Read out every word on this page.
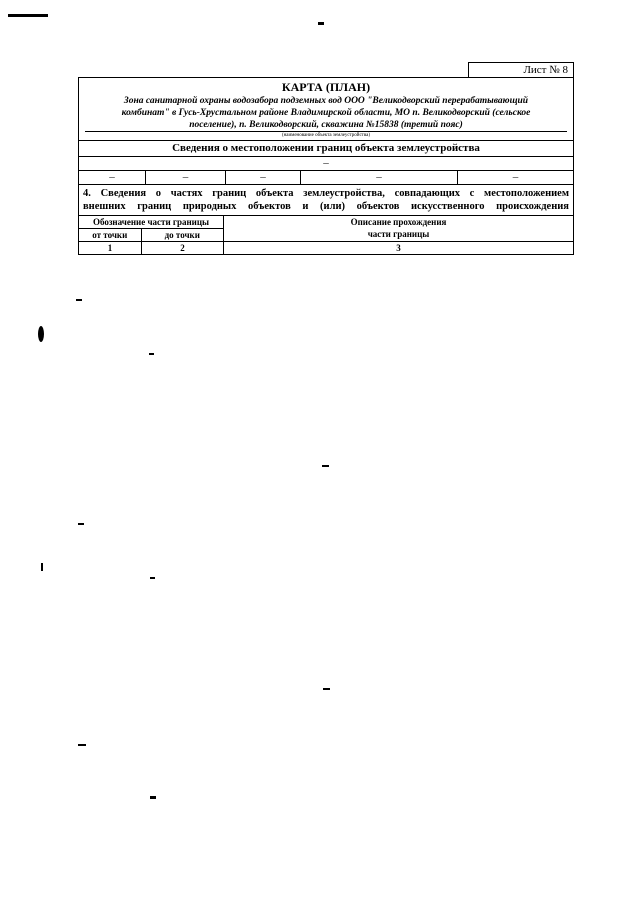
Лист № 8
КАРТА (ПЛАН)
Зона санитарной охраны водозабора подземных вод ООО "Великодворский перерабатывающий
комбинат" в Гусь-Хрустальном районе Владимирской области, МО п. Великодворский (сельское
поселение), п. Великодворский, скважина №15838 (третий пояс)
(наименование объекта землеустройства)
Сведения о местоположении границ объекта землеустройства
–
–	–	–	–	–
4. Сведения о частях границ объекта землеустройства, совпадающих с местоположением
внешних границ природных объектов и (или) объектов искусственного происхождения
Обозначение части границы
от точки	до точки
Описание прохождения
части границы
1	2	3
